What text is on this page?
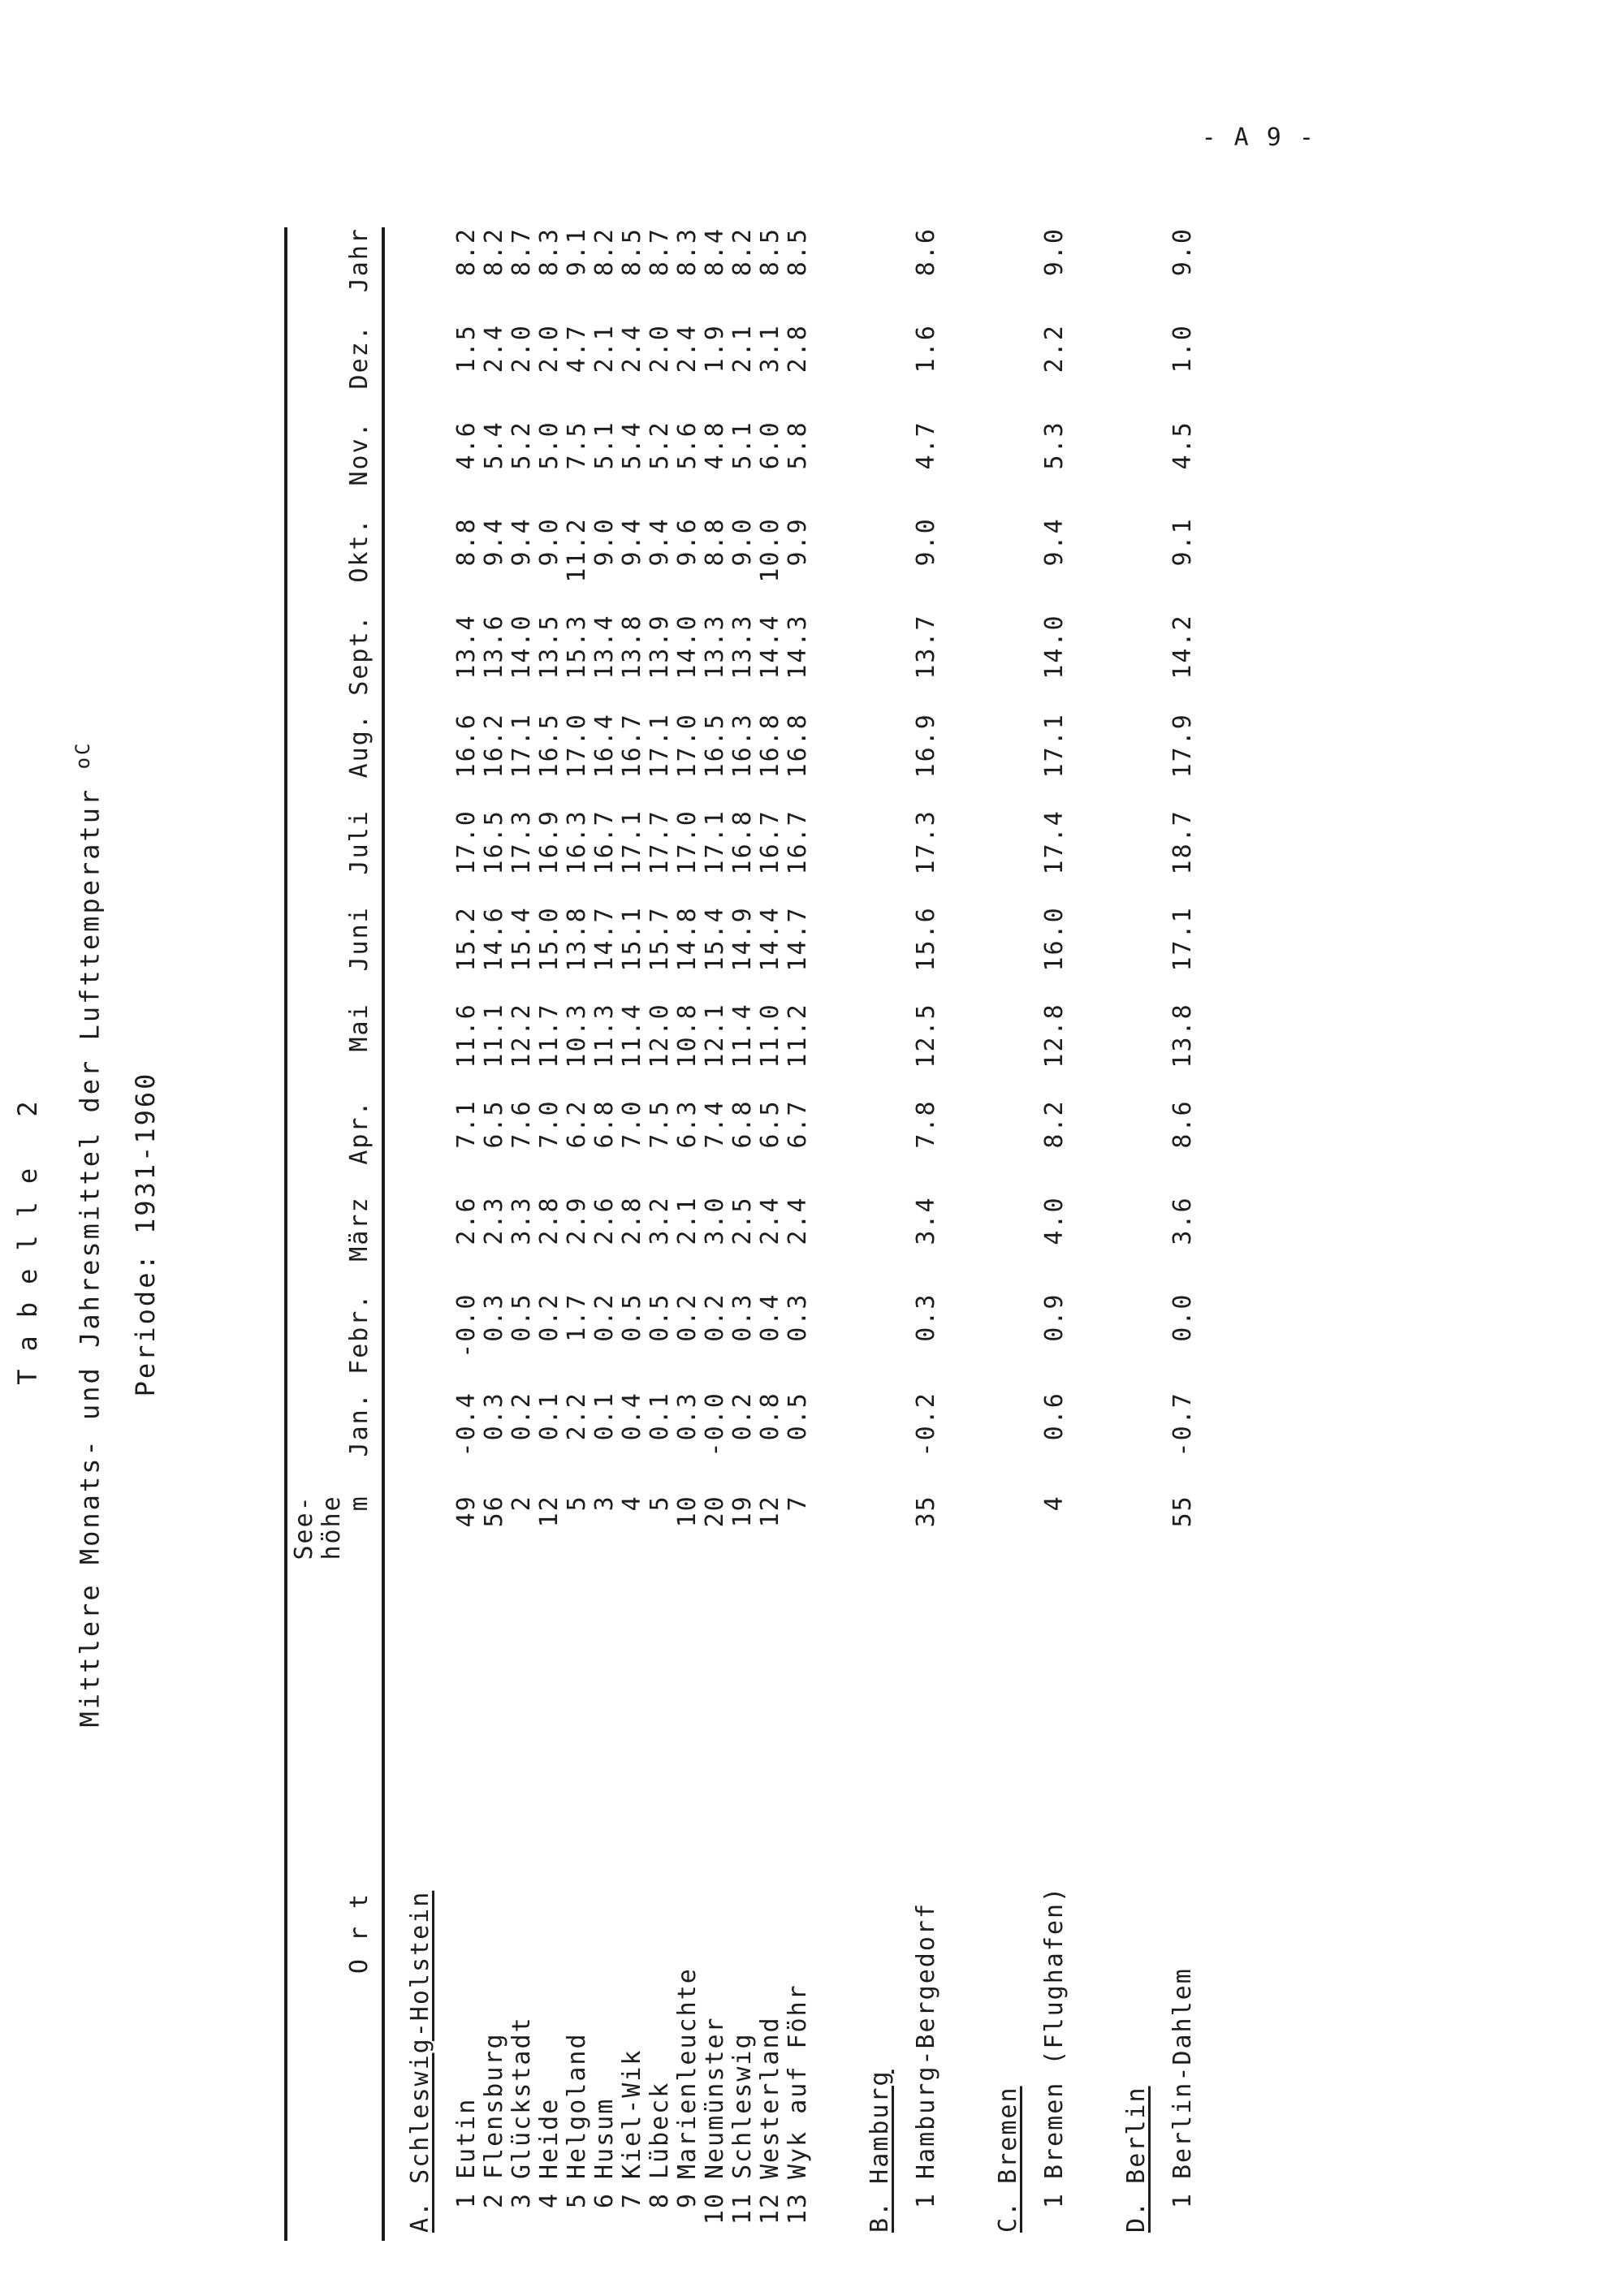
- A 9 -
Tabelle 2	Mittlere Monats- und Jahresmittel der Lufttemperatur $^{oC}$
Periode: 1931-1960
Ort	See- höhe m	Jan.	Febr.	März	Apr.	Mai	Juni	Juli	Aug.	Sept.	Okt.	Nov.	Dez.	Jahr
A. Schleswig-Holstein														
1Eutin	49	-0.4	-0.0	2.6	7.1	11.6	15.2	17.0	16.6	13.4	8.8	4.6	1.5	8.2
2Flensburg	56	0.3	0.3	2.3	6.5	11.1	14.6	16.5	16.2	13.6	9.4	5.4	2.4	8.2
3Glückstadt	2	0.2	0.5	3.3	7.6	12.2	15.4	17.3	17.1	14.0	9.4	5.2	2.0	8.7
4Heide	12	0.1	0.2	2.8	7.0	11.7	15.0	16.9	16.5	13.5	9.0	5.0	2.0	8.3
5Helgoland	5	2.2	1.7	2.9	6.2	10.3	13.8	16.3	17.0	15.3	11.2	7.5	4.7	9.1
6Husum	3	0.1	0.2	2.6	6.8	11.3	14.7	16.7	16.4	13.4	9.0	5.1	2.1	8.2
7Kiel-Wik	4	0.4	0.5	2.8	7.0	11.4	15.1	17.1	16.7	13.8	9.4	5.4	2.4	8.5
8Lübeck	5	0.1	0.5	3.2	7.5	12.0	15.7	17.7	17.1	13.9	9.4	5.2	2.0	8.7
9Marienleuchte	10	0.3	0.2	2.1	6.3	10.8	14.8	17.0	17.0	14.0	9.6	5.6	2.4	8.3
10Neumünster	20	-0.0	0.2	3.0	7.4	12.1	15.4	17.1	16.5	13.3	8.8	4.8	1.9	8.4
11Schleswig	19	0.2	0.3	2.5	6.8	11.4	14.9	16.8	16.3	13.3	9.0	5.1	2.1	8.2
12Westerland	12	0.8	0.4	2.4	6.5	11.0	14.4	16.7	16.8	14.4	10.0	6.0	3.1	8.5
13Wyk auf Föhr	7	0.5	0.3	2.4	6.7	11.2	14.7	16.7	16.8	14.3	9.9	5.8	2.8	8.5

B. Hamburg														
1Hamburg-Bergedorf	35	-0.2	0.3	3.4	7.8	12.5	15.6	17.3	16.9	13.7	9.0	4.7	1.6	8.6

C. Bremen														
1Bremen (Flughafen)	4	0.6	0.9	4.0	8.2	12.8	16.0	17.4	17.1	14.0	9.4	5.3	2.2	9.0

D. Berlin														
1Berlin-Dahlem	55	-0.7	0.0	3.6	8.6	13.8	17.1	18.7	17.9	14.2	9.1	4.5	1.0	9.0
